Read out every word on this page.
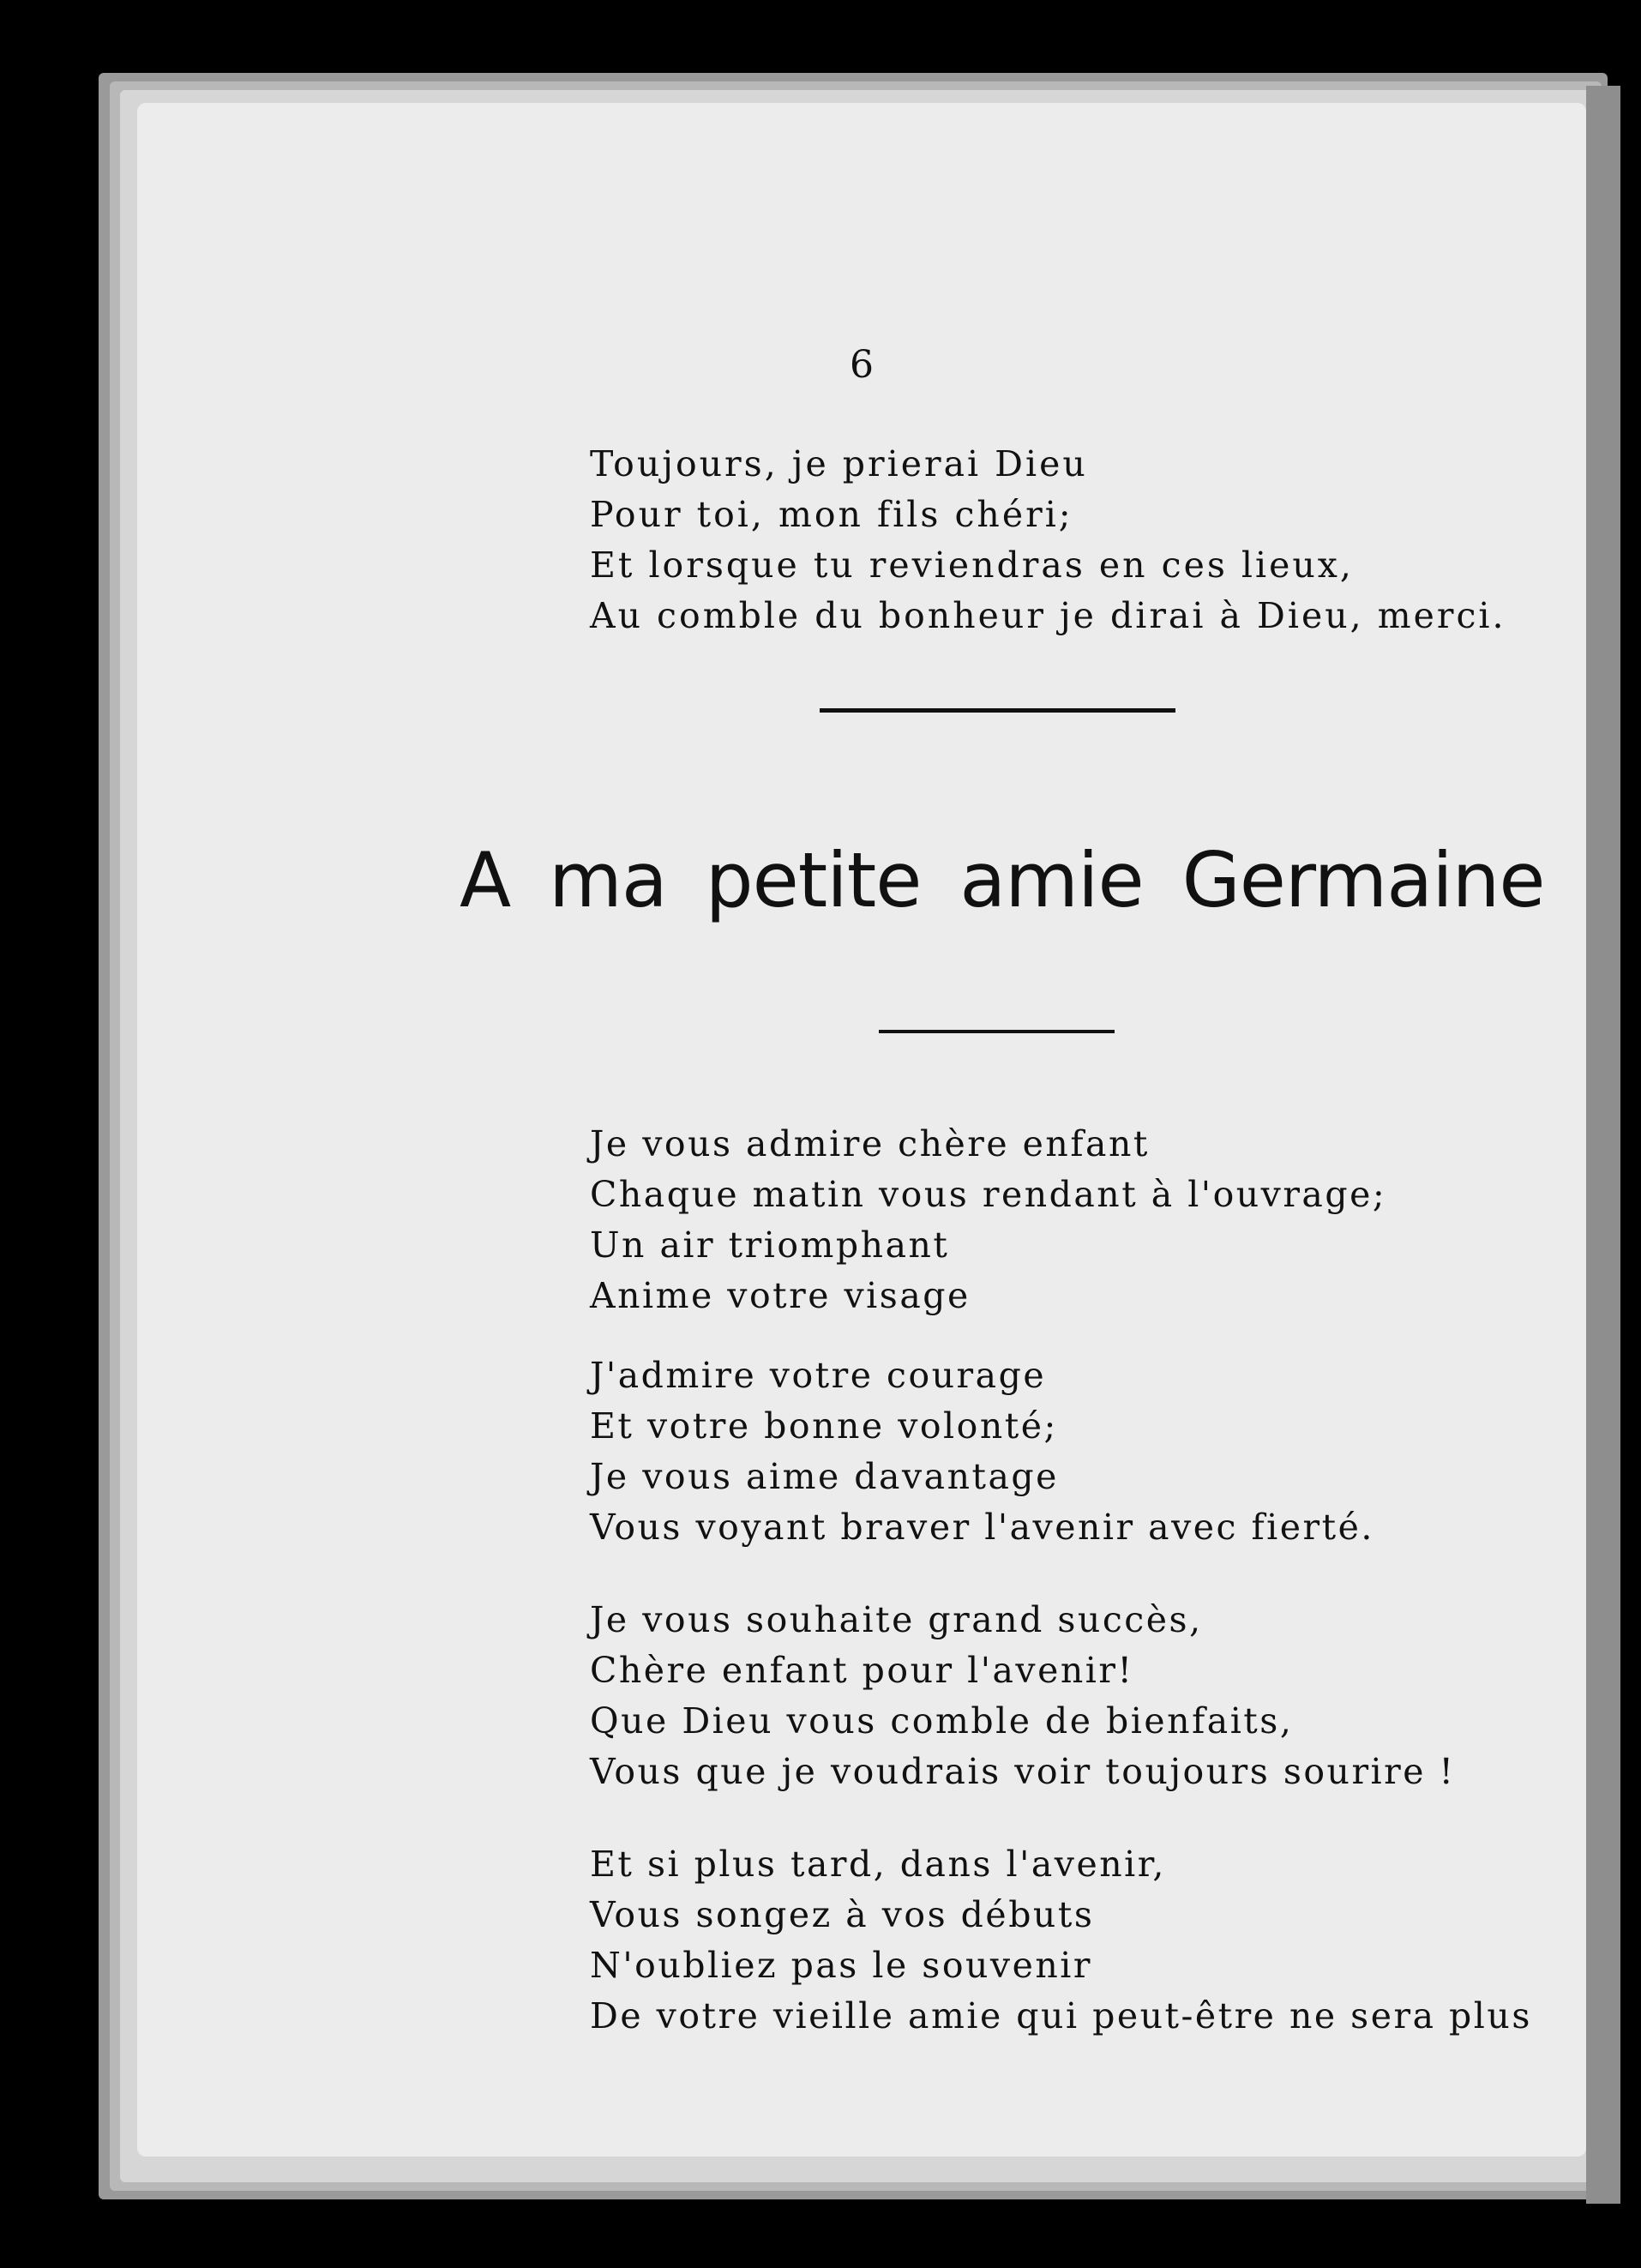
6
Toujours, je prierai Dieu
Pour toi, mon fils chéri;
Et lorsque tu reviendras en ces lieux,
Au comble du bonheur je dirai à Dieu, merci.
A ma petite amie Germaine
Je vous admire chère enfant
Chaque matin vous rendant à l'ouvrage;
Un air triomphant
Anime votre visage
J'admire votre courage
Et votre bonne volonté;
Je vous aime davantage
Vous voyant braver l'avenir avec fierté.
Je vous souhaite grand succès,
Chère enfant pour l'avenir!
Que Dieu vous comble de bienfaits,
Vous que je voudrais voir toujours sourire !
Et si plus tard, dans l'avenir,
Vous songez à vos débuts
N'oubliez pas le souvenir
De votre vieille amie qui peut-être ne sera plus
